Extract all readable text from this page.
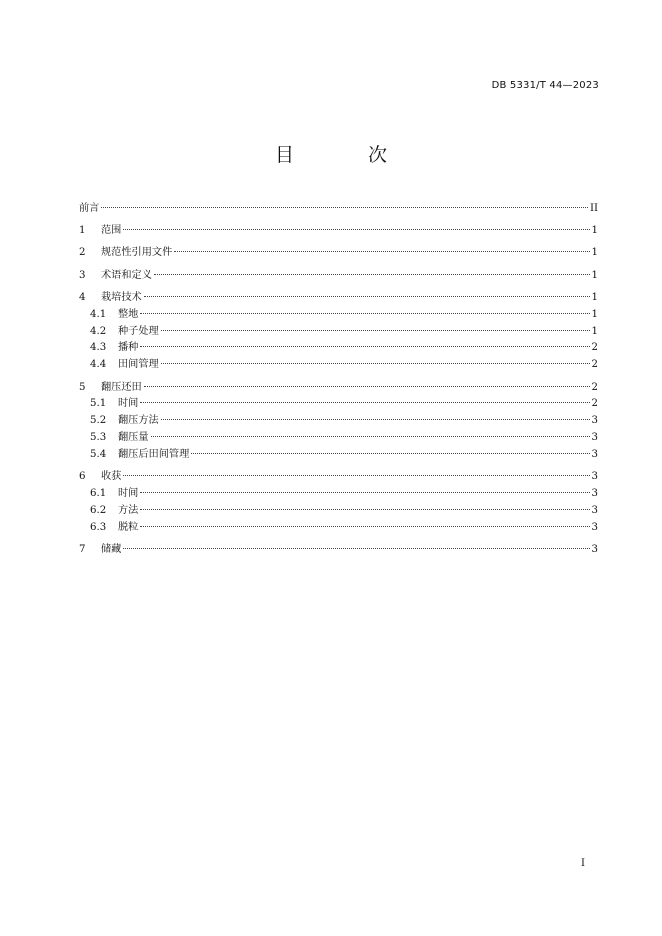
DB 5331/T 44—2023
目 次
前言	II
1	范围	1
2	规范性引用文件	1
3	术语和定义	1
4	栽培技术	1
4.1	整地	1
4.2	种子处理	1
4.3	播种	2
4.4	田间管理	2
5	翻压还田	2
5.1	时间	2
5.2	翻压方法	3
5.3	翻压量	3
5.4	翻压后田间管理	3
6	收获	3
6.1	时间	3
6.2	方法	3
6.3	脱粒	3
7	储藏	3
I
